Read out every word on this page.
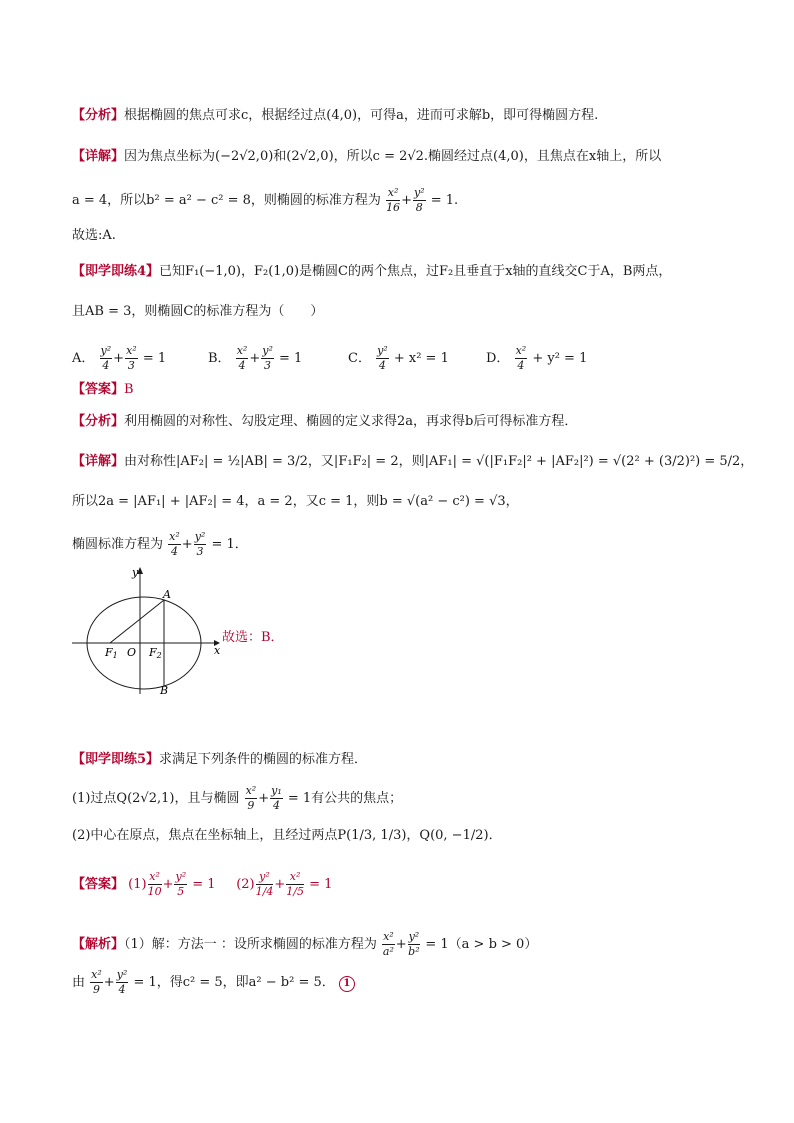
【分析】根据椭圆的焦点可求c，根据经过点(4,0)，可得a，进而可求解b，即可得椭圆方程.
【详解】因为焦点坐标为(−2√2,0)和(2√2,0)，所以c = 2√2.椭圆经过点(4,0)，且焦点在x轴上，所以
a = 4，所以b² = a² − c² = 8，则椭圆的标准方程为 $\frac{\text{x²}}{16} + \frac{\text{y²}}{8} = 1$.
故选:A.
【即学即练4】已知F₁(−1,0)，F₂(1,0)是椭圆C的两个焦点，过F₂且垂直于x轴的直线交C于A，B两点，
且AB = 3，则椭圆C的标准方程为（　　）
A． $\frac{\text{y²}}{4} + \frac{\text{x²}}{3} = 1$	B． $\frac{\text{x²}}{4} + \frac{\text{y²}}{3} = 1$	C． $\frac{\text{y²}}{4} + x^2 = 1$	D． $\frac{\text{x²}}{4} + y^2 = 1$
【答案】B
【分析】利用椭圆的对称性、勾股定理、椭圆的定义求得2a，再求得b后可得标准方程．
【详解】由对称性|AF₂| = ½|AB| = 3/2，又|F₁F₂| = 2，则|AF₁| = √(|F₁F₂|² + |AF₂|²) = √(2² + (3/2)²) = 5/2，
所以2a = |AF₁| + |AF₂| = 4，a = 2，又c = 1，则b = √(a² − c²) = √3，
椭圆标准方程为 $\frac{\text{x²}}{4} + \frac{\text{y²}}{3} = 1$．
y
x
A
B
O
F1	F2
故选：B．
【即学即练5】求满足下列条件的椭圆的标准方程．
(1)过点Q(2√2,1)，且与椭圆 $\frac{\text{x²}}{9} + \frac{\text{y₁}}{4} = 1$有公共的焦点；
(2)中心在原点，焦点在坐标轴上，且经过两点P(1/3, 1/3)，Q(0, −1/2)．
【答案】 $(1) \frac{\text{x²}}{10} + \frac{\text{y²}}{5} = 1$ $(2) \frac{\text{y²}}{1/4} + \frac{\text{x²}}{1/5} = 1$
【解析】（1）解：方法一 ：设所求椭圆的标准方程为 $\frac{\text{x²}}{\text{a²}} + \frac{\text{y²}}{\text{b²}} = 1(a > b > 0)$
由 $\frac{\text{x²}}{9} + \frac{\text{y²}}{4} = 1$，得c² = 5，即a² − b² = 5． 1
